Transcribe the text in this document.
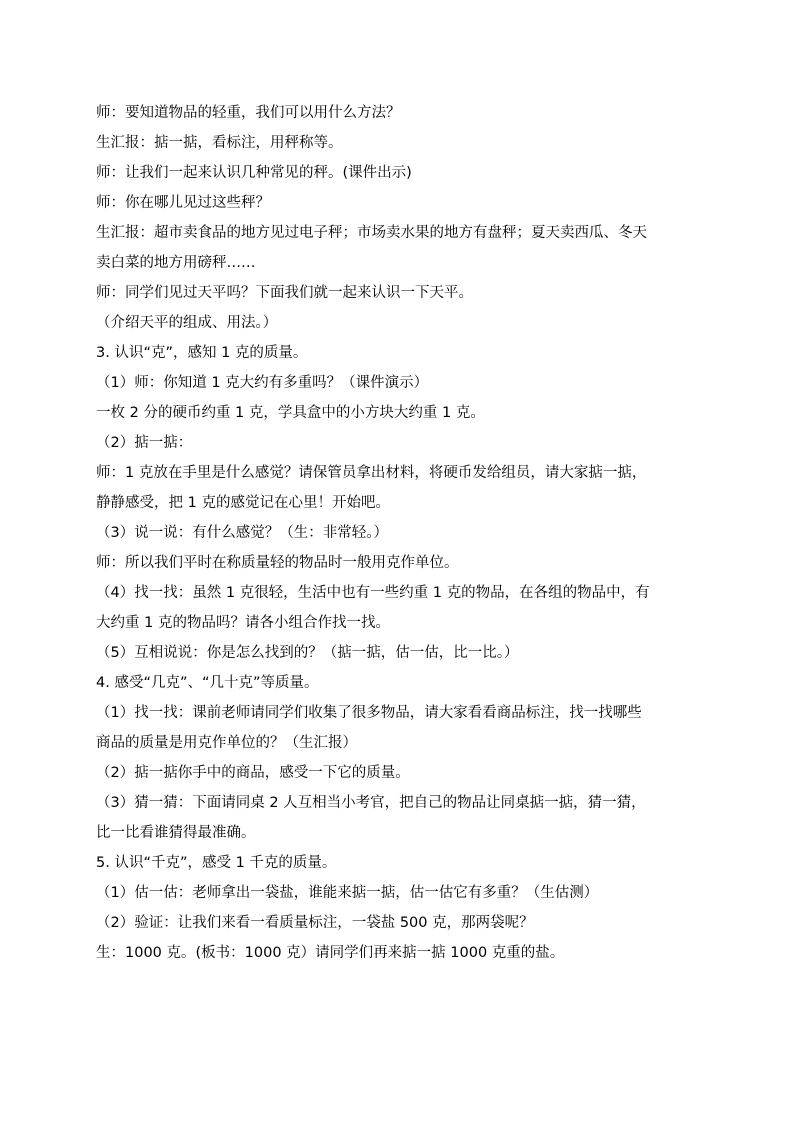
师：要知道物品的轻重，我们可以用什么方法？
生汇报：掂一掂，看标注，用秤称等。
师：让我们一起来认识几种常见的秤。(课件出示)
师：你在哪儿见过这些秤？
生汇报：超市卖食品的地方见过电子秤；市场卖水果的地方有盘秤；夏天卖西瓜、冬天
卖白菜的地方用磅秤……
师：同学们见过天平吗？下面我们就一起来认识一下天平。
（介绍天平的组成、用法。）
3. 认识“克”，感知 1 克的质量。
（1）师：你知道 1 克大约有多重吗？（课件演示）
一枚 2 分的硬币约重 1 克，学具盒中的小方块大约重 1 克。
（2）掂一掂：
师：1 克放在手里是什么感觉？请保管员拿出材料，将硬币发给组员，请大家掂一掂，
静静感受，把 1 克的感觉记在心里！开始吧。
（3）说一说：有什么感觉？（生：非常轻。）
师：所以我们平时在称质量轻的物品时一般用克作单位。
（4）找一找：虽然 1 克很轻，生活中也有一些约重 1 克的物品，在各组的物品中，有
大约重 1 克的物品吗？请各小组合作找一找。
（5）互相说说：你是怎么找到的？（掂一掂，估一估，比一比。）
4. 感受“几克”、“几十克”等质量。
（1）找一找：课前老师请同学们收集了很多物品，请大家看看商品标注，找一找哪些
商品的质量是用克作单位的？（生汇报）
（2）掂一掂你手中的商品，感受一下它的质量。
（3）猜一猜：下面请同桌 2 人互相当小考官，把自己的物品让同桌掂一掂，猜一猜，
比一比看谁猜得最准确。
5. 认识“千克”，感受 1 千克的质量。
（1）估一估：老师拿出一袋盐，谁能来掂一掂，估一估它有多重？（生估测）
（2）验证：让我们来看一看质量标注，一袋盐 500 克，那两袋呢？
生：1000 克。(板书：1000 克）请同学们再来掂一掂 1000 克重的盐。
